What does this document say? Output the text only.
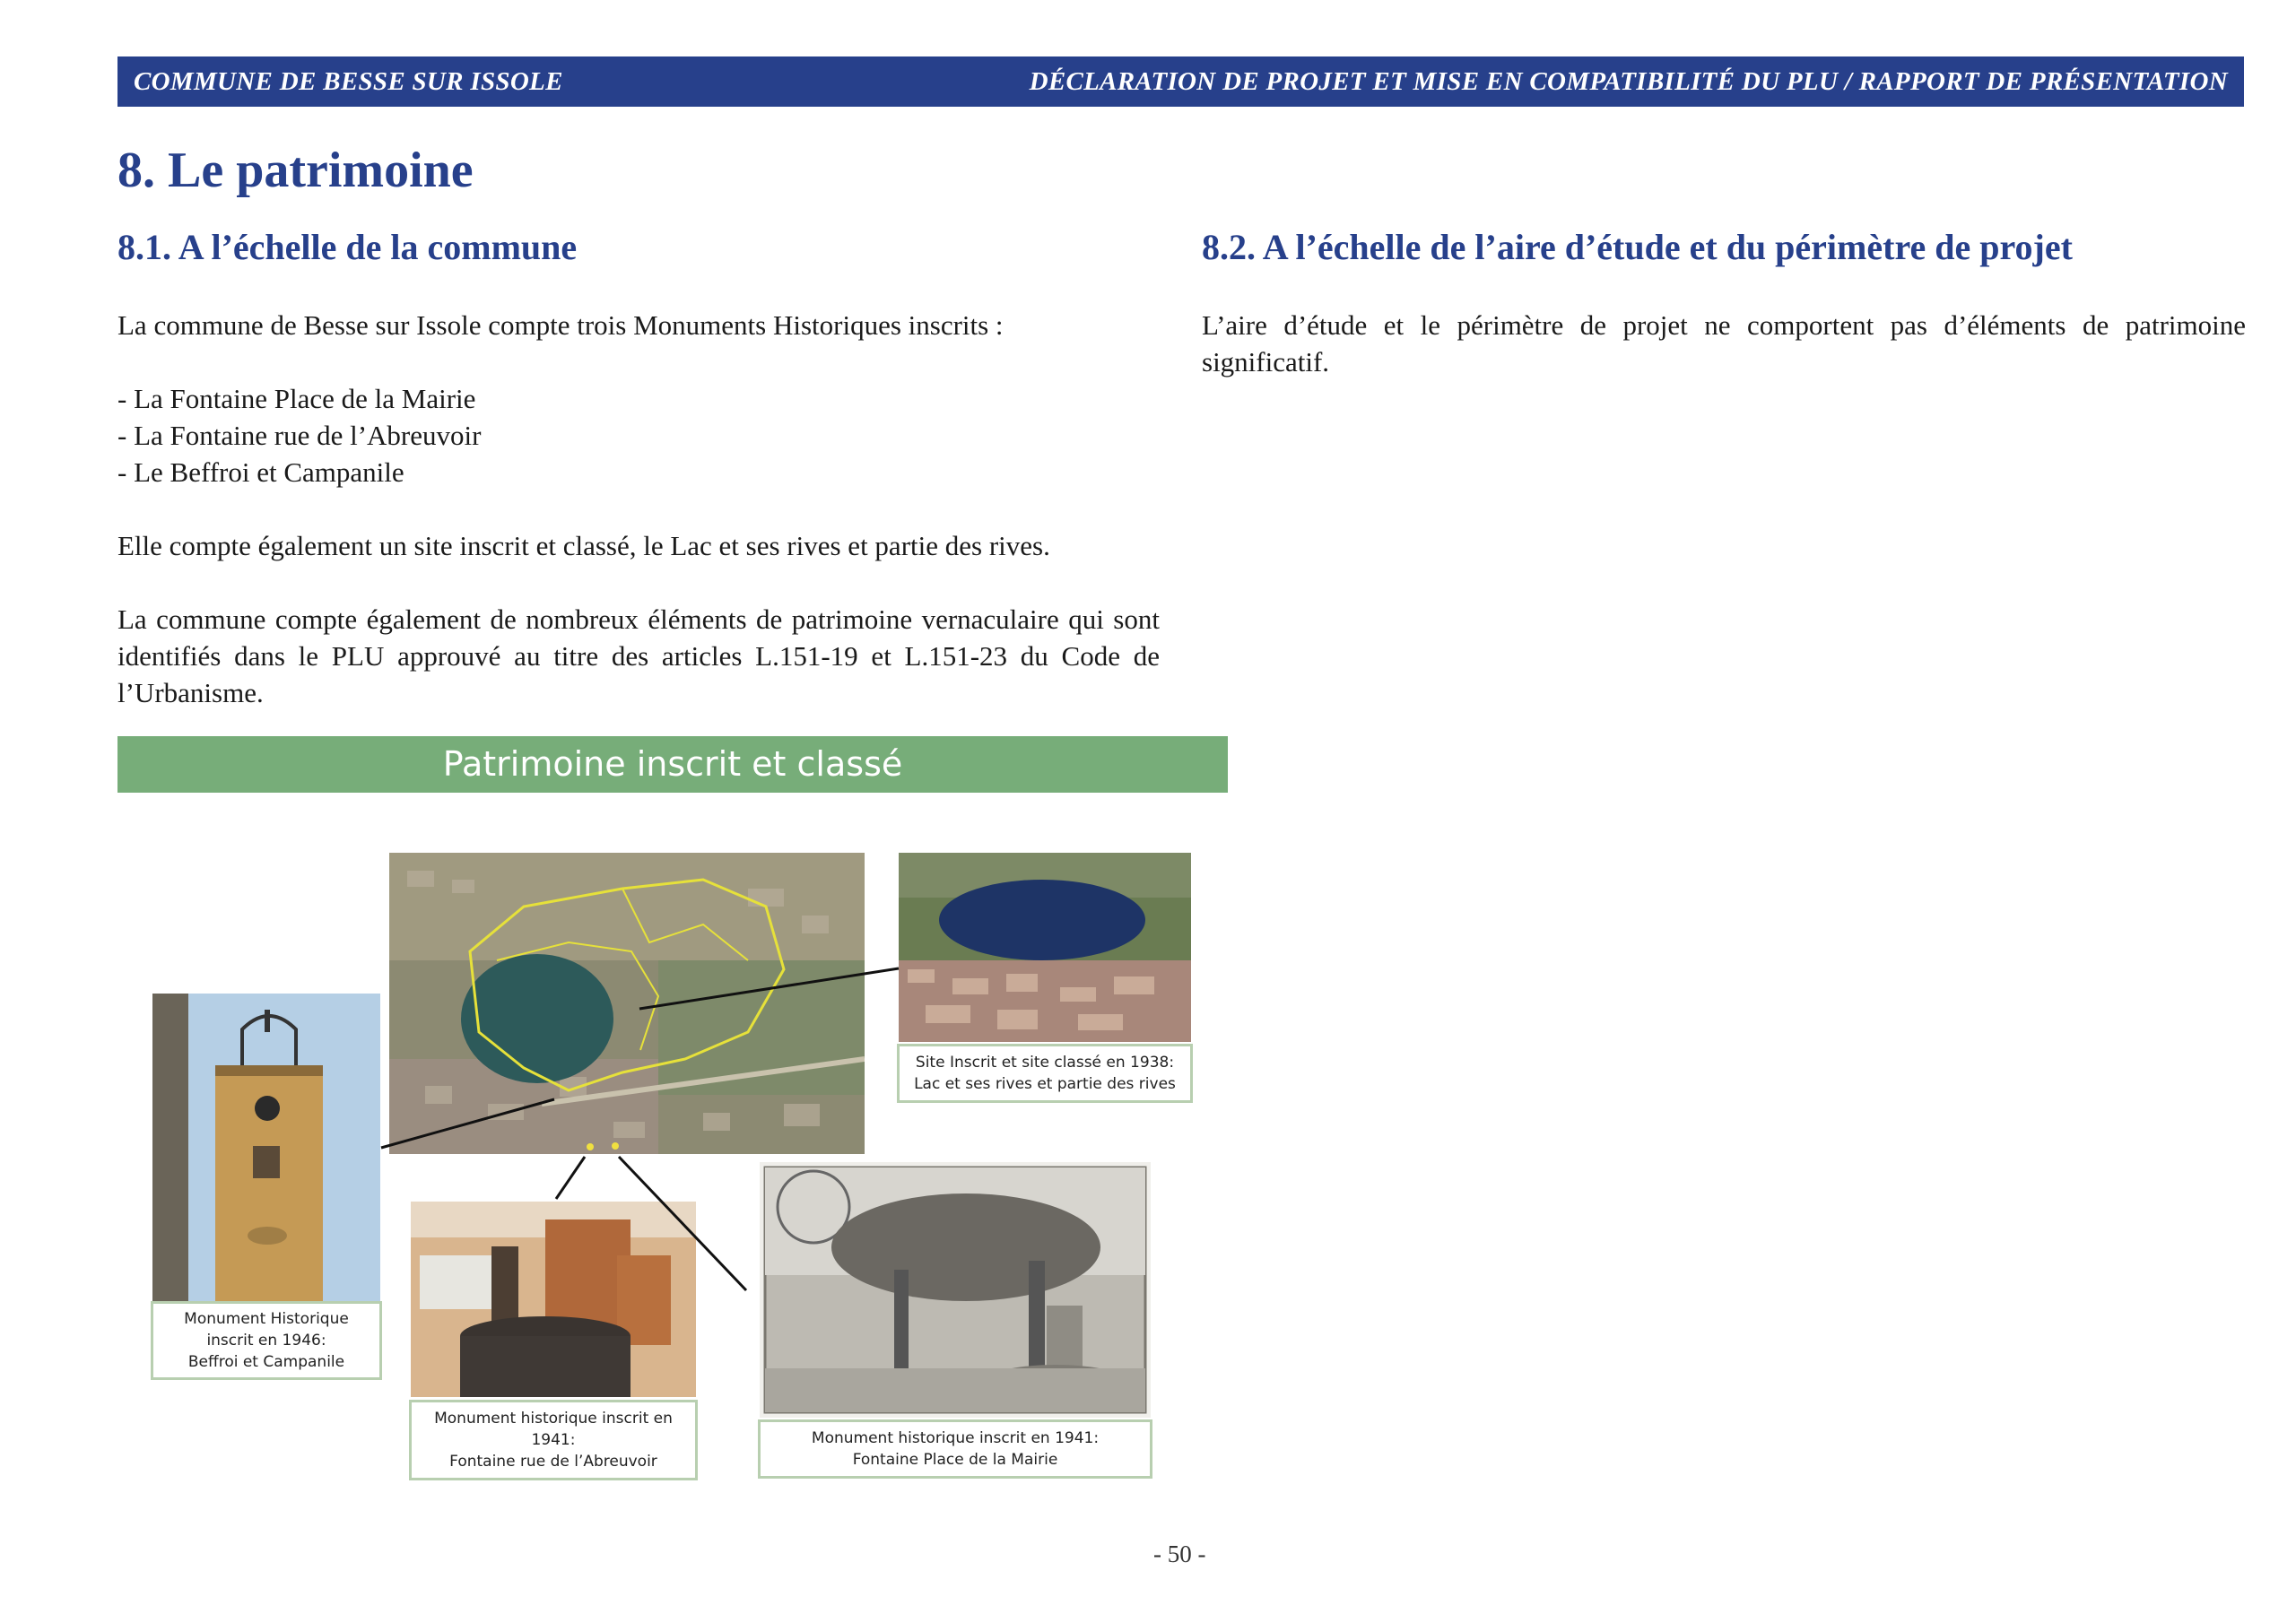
COMMUNE DE BESSE SUR ISSOLE	DÉCLARATION DE PROJET ET MISE EN COMPATIBILITÉ DU PLU / RAPPORT DE PRÉSENTATION
8. Le patrimoine
8.1. A l’échelle de la commune

La commune de Besse sur Issole compte trois Monuments Historiques inscrits :

- La Fontaine Place de la Mairie

- La Fontaine rue de l’Abreuvoir

- Le Beffroi et Campanile

Elle compte également un site inscrit et classé, le Lac et ses rives et partie des rives.

La commune compte également de nombreux éléments de patrimoine vernaculaire qui sont identifiés dans le PLU approuvé au titre des articles L.151-19 et L.151-23 du Code de l’Urbanisme.

8.2. A l’échelle de l’aire d’étude et du périmètre de projet
L’aire d’étude et le périmètre de projet ne comportent pas d’éléments de patrimoine significatif.
Patrimoine inscrit et classé
Site Inscrit et site classé en 1938:
Lac et ses rives et partie des rives
Monument Historique
inscrit en 1946:
Beffroi et Campanile
Monument historique inscrit en
1941:
Fontaine rue de l’Abreuvoir
Monument historique inscrit en 1941:
Fontaine Place de la Mairie
- 50 -
